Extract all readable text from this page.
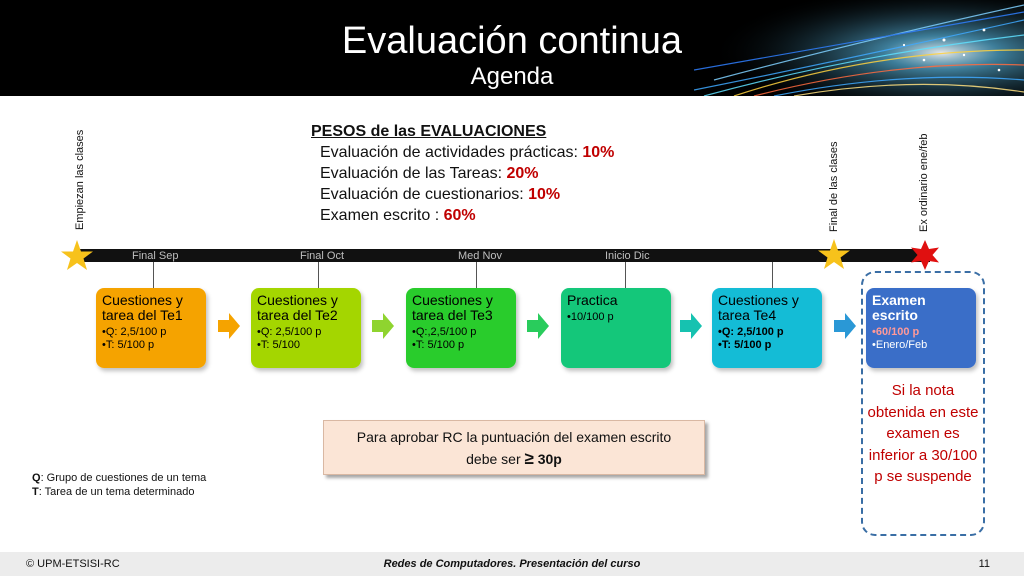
Evaluación continua
Agenda
PESOS de las EVALUACIONES
Evaluación de actividades prácticas: 10%
Evaluación de las Tareas: 20%
Evaluación de cuestionarios: 10%
Examen escrito : 60%
Empiezan las clases	Final de las clases	Ex ordinario ene/feb
Final Sep	Final Oct	Med Nov	Inicio Dic
Cuestiones y tarea del Te1
•Q: 2,5/100 p
•T: 5/100 p
Cuestiones y tarea del Te2
•Q: 2,5/100 p
•T: 5/100
Cuestiones y tarea del Te3
•Q:,2,5/100 p
•T: 5/100 p
Practica
•10/100 p
Cuestiones y tarea Te4
•Q: 2,5/100 p
•T: 5/100 p
Examen escrito
•60/100 p
•Enero/Feb
Si la nota obtenida en este examen es inferior a 30/100 p se suspende
Para aprobar RC la puntuación del examen escrito
debe ser ≥ 30p
Q: Grupo de cuestiones de un tema
T: Tarea de un tema determinado
© UPM-ETSISI-RC	Redes de Computadores. Presentación del curso	11
